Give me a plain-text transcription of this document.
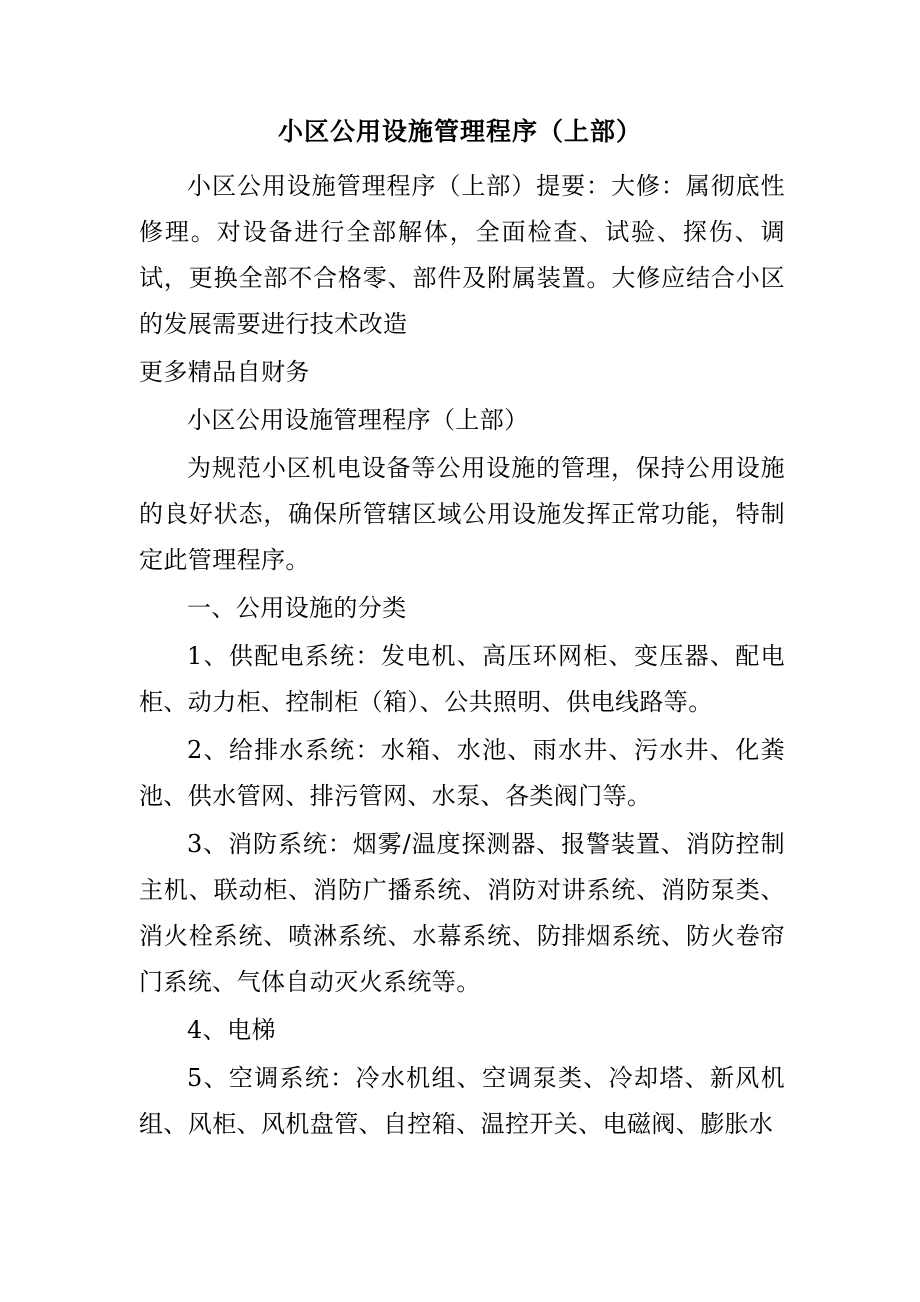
小区公用设施管理程序（上部）

小区公用设施管理程序（上部）提要：大修：属彻底性修理。对设备进行全部解体，全面检查、试验、探伤、调试，更换全部不合格零、部件及附属装置。大修应结合小区的发展需要进行技术改造

更多精品自财务

小区公用设施管理程序（上部）

为规范小区机电设备等公用设施的管理，保持公用设施的良好状态，确保所管辖区域公用设施发挥正常功能，特制定此管理程序。

一、公用设施的分类

1、供配电系统：发电机、高压环网柜、变压器、配电柜、动力柜、控制柜（箱）、公共照明、供电线路等。

2、给排水系统：水箱、水池、雨水井、污水井、化粪池、供水管网、排污管网、水泵、各类阀门等。

3、消防系统：烟雾/温度探测器、报警装置、消防控制主机、联动柜、消防广播系统、消防对讲系统、消防泵类、消火栓系统、喷淋系统、水幕系统、防排烟系统、防火卷帘门系统、气体自动灭火系统等。

4、电梯

5、空调系统：冷水机组、空调泵类、冷却塔、新风机组、风柜、风机盘管、自控箱、温控开关、电磁阀、膨胀水
